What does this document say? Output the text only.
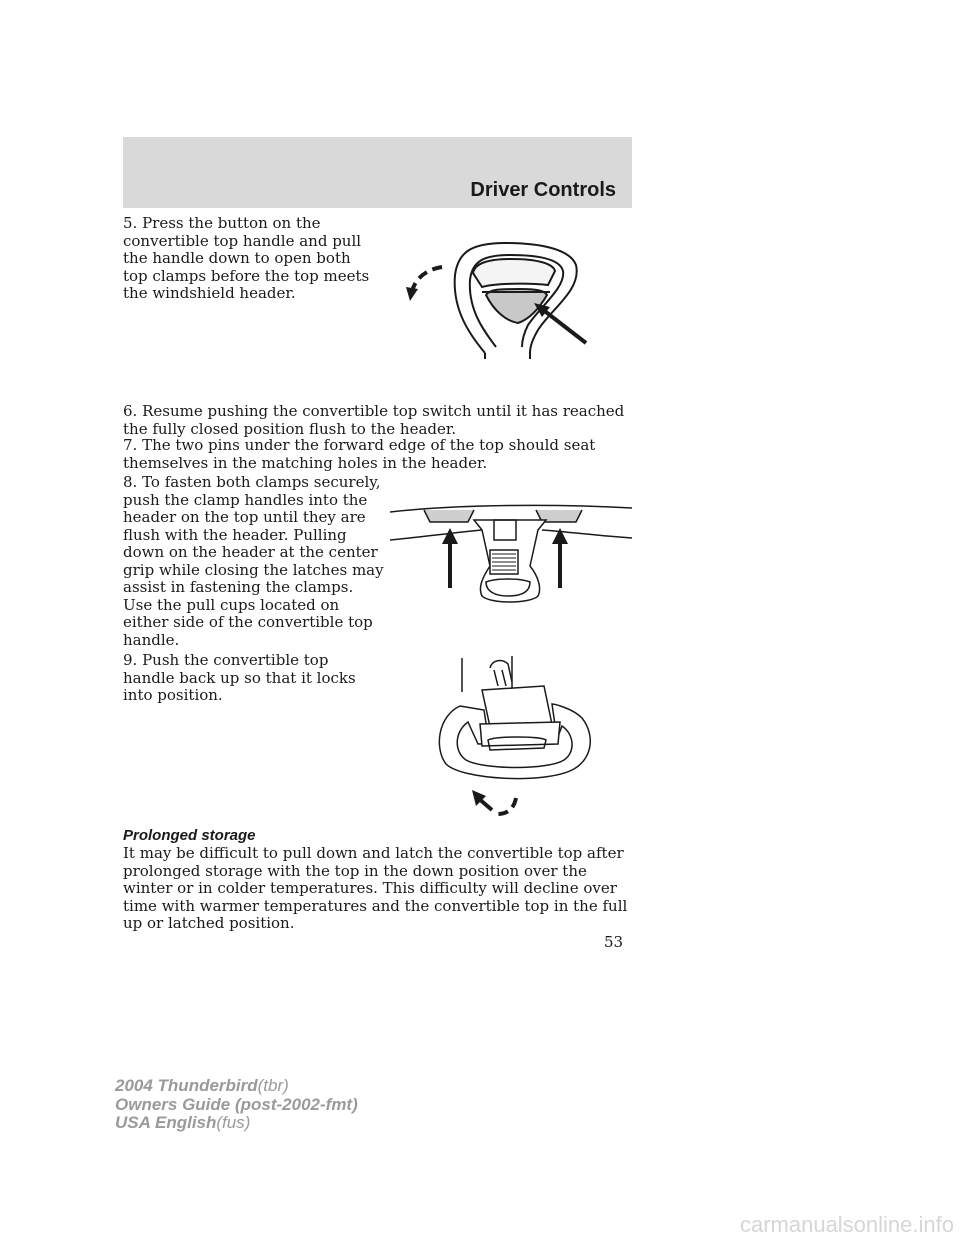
Driver Controls

5. Press the button on the convertible top handle and pull the handle down to open both top clamps before the top meets the windshield header.

6. Resume pushing the convertible top switch until it has reached the fully closed position flush to the header.

7. The two pins under the forward edge of the top should seat themselves in the matching holes in the header.

8. To fasten both clamps securely, push the clamp handles into the header on the top until they are flush with the header. Pulling down on the header at the center grip while closing the latches may assist in fastening the clamps. Use the pull cups located on either side of the convertible top handle.

9. Push the convertible top handle back up so that it locks into position.

Prolonged storage

It may be difficult to pull down and latch the convertible top after prolonged storage with the top in the down position over the winter or in colder temperatures. This difficulty will decline over time with warmer temperatures and the convertible top in the full up or latched position.

53
2004 Thunderbird(tbr)
Owners Guide (post-2002-fmt)
USA English(fus)
carmanualsonline.info
